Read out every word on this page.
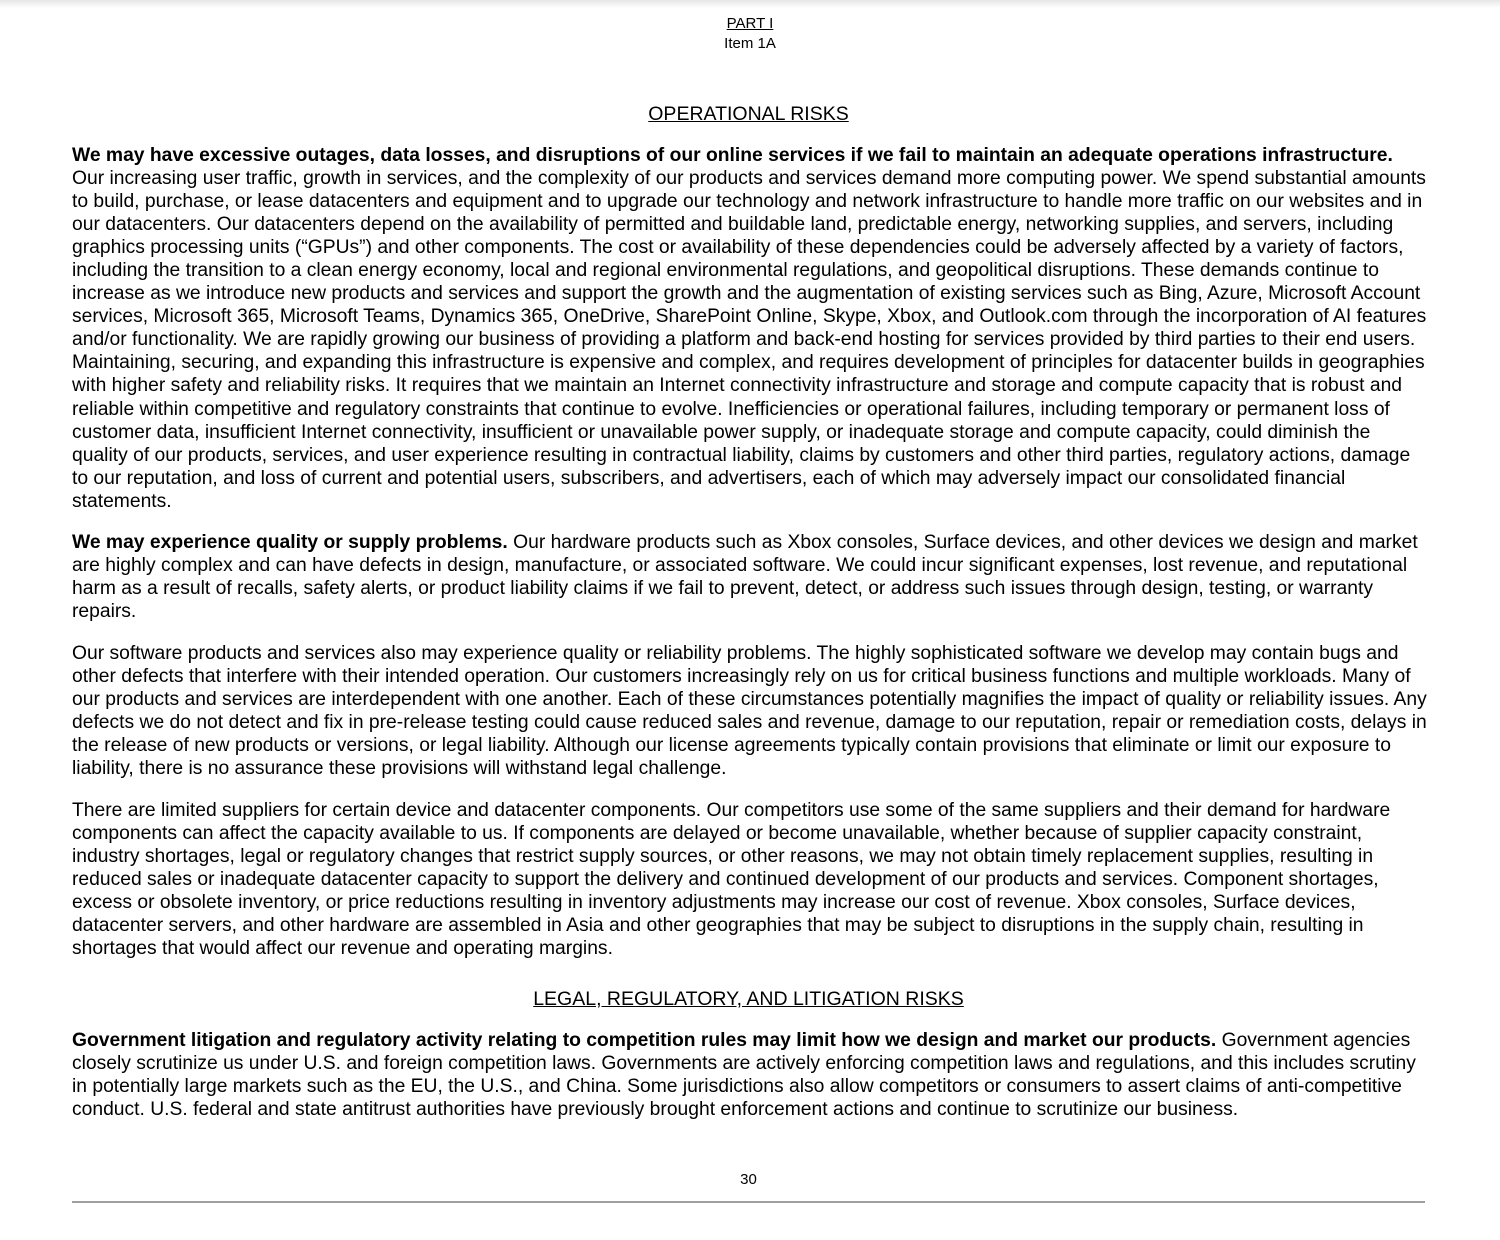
PART I
Item 1A
OPERATIONAL RISKS

We may have excessive outages, data losses, and disruptions of our online services if we fail to maintain an adequate operations infrastructure. Our increasing user traffic, growth in services, and the complexity of our products and services demand more computing power. We spend substantial amounts to build, purchase, or lease datacenters and equipment and to upgrade our technology and network infrastructure to handle more traffic on our websites and in our datacenters. Our datacenters depend on the availability of permitted and buildable land, predictable energy, networking supplies, and servers, including graphics processing units (“GPUs”) and other components. The cost or availability of these dependencies could be adversely affected by a variety of factors, including the transition to a clean energy economy, local and regional environmental regulations, and geopolitical disruptions. These demands continue to increase as we introduce new products and services and support the growth and the augmentation of existing services such as Bing, Azure, Microsoft Account services, Microsoft 365, Microsoft Teams, Dynamics 365, OneDrive, SharePoint Online, Skype, Xbox, and Outlook.com through the incorporation of AI features and/or functionality. We are rapidly growing our business of providing a platform and back-end hosting for services provided by third parties to their end users. Maintaining, securing, and expanding this infrastructure is expensive and complex, and requires development of principles for datacenter builds in geographies with higher safety and reliability risks. It requires that we maintain an Internet connectivity infrastructure and storage and compute capacity that is robust and reliable within competitive and regulatory constraints that continue to evolve. Inefficiencies or operational failures, including temporary or permanent loss of customer data, insufficient Internet connectivity, insufficient or unavailable power supply, or inadequate storage and compute capacity, could diminish the quality of our products, services, and user experience resulting in contractual liability, claims by customers and other third parties, regulatory actions, damage to our reputation, and loss of current and potential users, subscribers, and advertisers, each of which may adversely impact our consolidated financial statements.

We may experience quality or supply problems. Our hardware products such as Xbox consoles, Surface devices, and other devices we design and market are highly complex and can have defects in design, manufacture, or associated software. We could incur significant expenses, lost revenue, and reputational harm as a result of recalls, safety alerts, or product liability claims if we fail to prevent, detect, or address such issues through design, testing, or warranty repairs.

Our software products and services also may experience quality or reliability problems. The highly sophisticated software we develop may contain bugs and other defects that interfere with their intended operation. Our customers increasingly rely on us for critical business functions and multiple workloads. Many of our products and services are interdependent with one another. Each of these circumstances potentially magnifies the impact of quality or reliability issues. Any defects we do not detect and fix in pre-release testing could cause reduced sales and revenue, damage to our reputation, repair or remediation costs, delays in the release of new products or versions, or legal liability. Although our license agreements typically contain provisions that eliminate or limit our exposure to liability, there is no assurance these provisions will withstand legal challenge.

There are limited suppliers for certain device and datacenter components. Our competitors use some of the same suppliers and their demand for hardware components can affect the capacity available to us. If components are delayed or become unavailable, whether because of supplier capacity constraint, industry shortages, legal or regulatory changes that restrict supply sources, or other reasons, we may not obtain timely replacement supplies, resulting in reduced sales or inadequate datacenter capacity to support the delivery and continued development of our products and services. Component shortages, excess or obsolete inventory, or price reductions resulting in inventory adjustments may increase our cost of revenue. Xbox consoles, Surface devices, datacenter servers, and other hardware are assembled in Asia and other geographies that may be subject to disruptions in the supply chain, resulting in shortages that would affect our revenue and operating margins.

LEGAL, REGULATORY, AND LITIGATION RISKS

Government litigation and regulatory activity relating to competition rules may limit how we design and market our products. Government agencies closely scrutinize us under U.S. and foreign competition laws. Governments are actively enforcing competition laws and regulations, and this includes scrutiny in potentially large markets such as the EU, the U.S., and China. Some jurisdictions also allow competitors or consumers to assert claims of anti-competitive conduct. U.S. federal and state antitrust authorities have previously brought enforcement actions and continue to scrutinize our business.

30
